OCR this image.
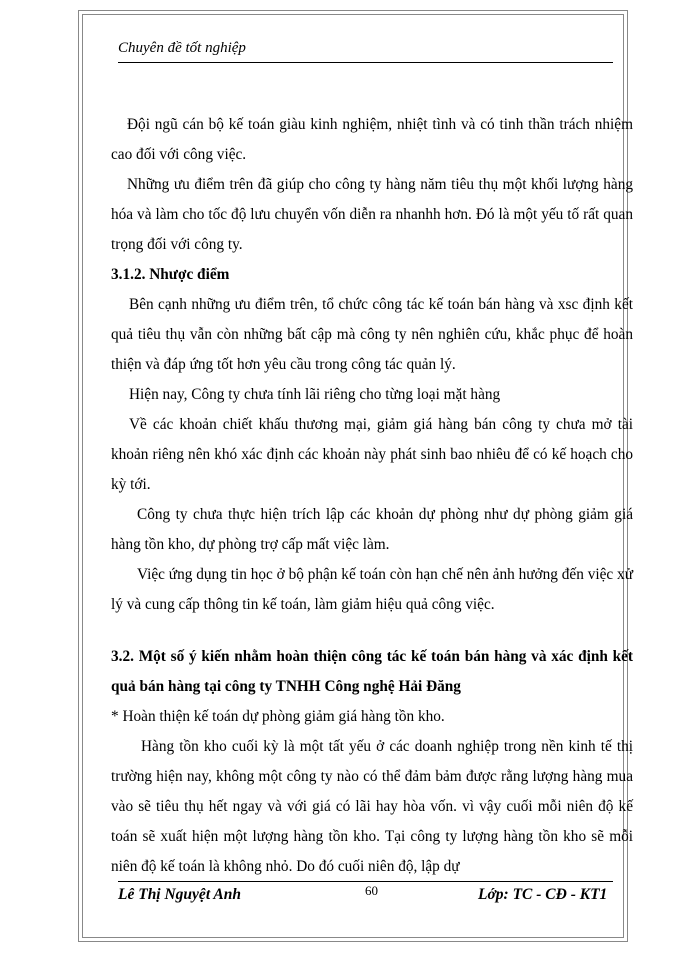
Chuyên đề tốt nghiệp

Đội ngũ cán bộ kế toán giàu kinh nghiệm, nhiệt tình và có tinh thần trách nhiệm cao đối với công việc.

Những ưu điểm trên đã giúp cho công ty hàng năm tiêu thụ một khối lượng hàng hóa và làm cho tốc độ lưu chuyển vốn diễn ra nhanhh hơn. Đó là một yếu tố rất quan trọng đối với công ty.

3.1.2. Nhược điểm

Bên cạnh những ưu điểm trên, tổ chức công tác kế toán bán hàng và xsc định kết quả tiêu thụ vẫn còn những bất cập mà công ty nên nghiên cứu, khắc phục để hoàn thiện và đáp ứng tốt hơn yêu cầu trong công tác quản lý.

Hiện nay, Công ty chưa tính lãi riêng cho từng loại mặt hàng

Về các khoản chiết khấu thương mại, giảm giá hàng bán công ty chưa mở tài khoản riêng nên khó xác định các khoản này phát sinh bao nhiêu để có kế hoạch cho kỳ tới.

Công ty chưa thực hiện trích lập các khoản dự phòng như dự phòng giảm giá hàng tồn kho, dự phòng trợ cấp mất việc làm.

Việc ứng dụng tin học ở bộ phận kế toán còn hạn chế nên ảnh hưởng đến việc xử lý và cung cấp thông tin kế toán, làm giảm hiệu quả công việc.

3.2. Một số ý kiến nhằm hoàn thiện công tác kế toán bán hàng và xác định kết quả bán hàng tại công ty TNHH Công nghệ Hải Đăng

* Hoàn thiện kế toán dự phòng giảm giá hàng tồn kho.

Hàng tồn kho cuối kỳ là một tất yếu ở các doanh nghiệp trong nền kinh tế thị trường hiện nay, không một công ty nào có thể đảm bảm được rằng lượng hàng mua vào sẽ tiêu thụ hết ngay và với giá có lãi hay hòa vốn. vì vậy cuối mỗi niên độ kế toán sẽ xuất hiện một lượng hàng tồn kho. Tại công ty lượng hàng tồn kho sẽ mỗi niên độ kế toán là không nhỏ. Do đó cuối niên độ, lập dự

Lê Thị Nguyệt Anh	60	Lớp: TC - CĐ - KT1
